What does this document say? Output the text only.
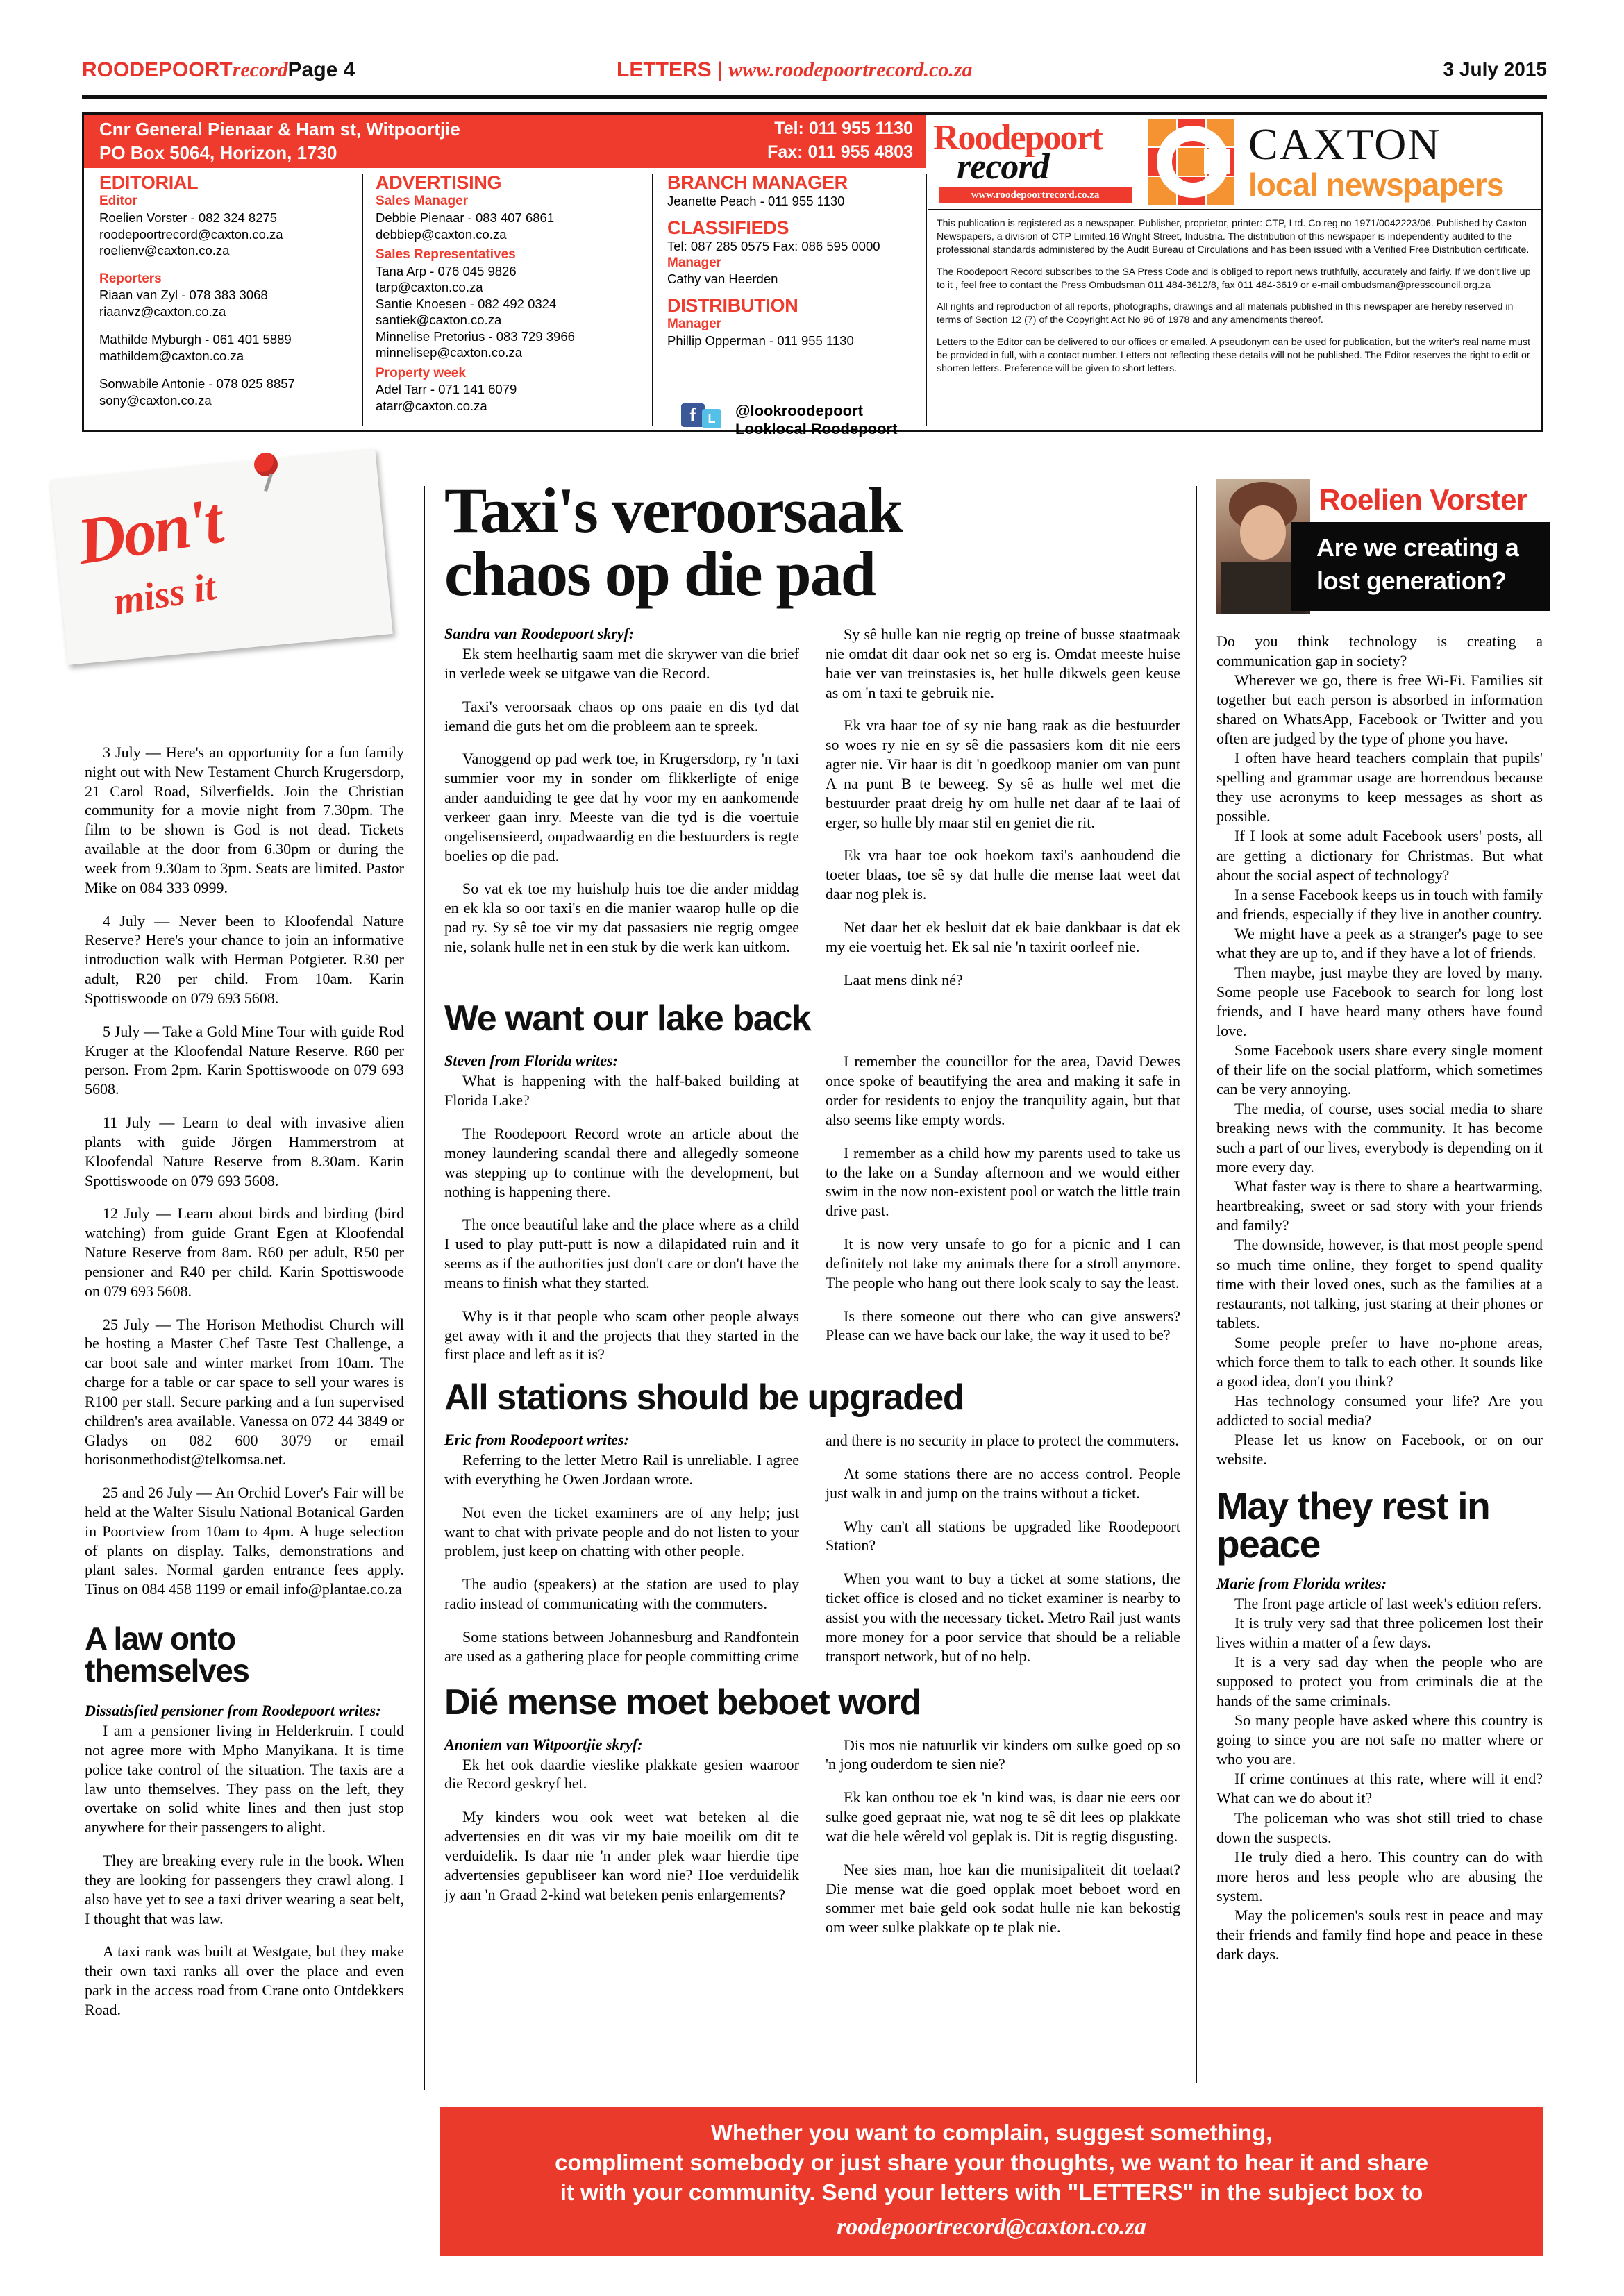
ROODEPOORTrecordPage 4	LETTERS | www.roodepoortrecord.co.za	3 July 2015
Cnr General Pienaar & Ham st, Witpoortjie
PO Box 5064, Horizon, 1730
Tel: 011 955 1130
Fax: 011 955 4803
EDITORIAL
Editor
Roelien Vorster - 082 324 8275
roodepoortrecord@caxton.co.za
roelienv@caxton.co.za
Reporters
Riaan van Zyl - 078 383 3068
riaanvz@caxton.co.za
Mathilde Myburgh - 061 401 5889
mathildem@caxton.co.za
Sonwabile Antonie - 078 025 8857
sony@caxton.co.za
ADVERTISING
Sales Manager
Debbie Pienaar - 083 407 6861
debbiep@caxton.co.za
Sales Representatives
Tana Arp - 076 045 9826
tarp@caxton.co.za
Santie Knoesen - 082 492 0324
santiek@caxton.co.za
Minnelise Pretorius - 083 729 3966
minnelisep@caxton.co.za
Property week
Adel Tarr - 071 141 6079
atarr@caxton.co.za
BRANCH MANAGER
Jeanette Peach - 011 955 1130
CLASSIFIEDS
Tel: 087 285 0575 Fax: 086 595 0000
Manager
Cathy van Heerden
DISTRIBUTION
Manager
Phillip Opperman - 011 955 1130
f L	@lookroodepoort
Looklocal Roodepoort
Roodepoort
record
www.roodepoortrecord.co.za
CAXTON
local newspapers

This publication is registered as a newspaper. Publisher, proprietor, printer: CTP, Ltd. Co reg no 1971/0042223/06. Published by Caxton Newspapers, a division of CTP Limited,16 Wright Street, Industria. The distribution of this newspaper is independently audited to the professional standards administered by the Audit Bureau of Circulations and has been issued with a Verified Free Distribution certificate.

The Roodepoort Record subscribes to the SA Press Code and is obliged to report news truthfully, accurately and fairly. If we don't live up to it , feel free to contact the Press Ombudsman 011 484-3612/8, fax 011 484-3619 or e-mail ombudsman@presscouncil.org.za

All rights and reproduction of all reports, photographs, drawings and all materials published in this newspaper are hereby reserved in terms of Section 12 (7) of the Copyright Act No 96 of 1978 and any amendments thereof.

Letters to the Editor can be delivered to our offices or emailed. A pseudonym can be used for publication, but the writer's real name must be provided in full, with a contact number. Letters not reflecting these details will not be published. The Editor reserves the right to edit or shorten letters. Preference will be given to short letters.

Don't
miss it

3 July — Here's an opportunity for a fun family night out with New Testament Church Krugersdorp, 21 Carol Road, Silverfields. Join the Christian community for a movie night from 7.30pm. The film to be shown is God is not dead. Tickets available at the door from 6.30pm or during the week from 9.30am to 3pm. Seats are limited. Pastor Mike on 084 333 0999.

4 July — Never been to Kloofendal Nature Reserve? Here's your chance to join an informative introduction walk with Herman Potgieter. R30 per adult, R20 per child. From 10am. Karin Spottiswoode on 079 693 5608.

5 July — Take a Gold Mine Tour with guide Rod Kruger at the Kloofendal Nature Reserve. R60 per person. From 2pm. Karin Spottiswoode on 079 693 5608.

11 July — Learn to deal with invasive alien plants with guide Jörgen Hammerstrom at Kloofendal Nature Reserve from 8.30am. Karin Spottiswoode on 079 693 5608.

12 July — Learn about birds and birding (bird watching) from guide Grant Egen at Kloofendal Nature Reserve from 8am. R60 per adult, R50 per pensioner and R40 per child. Karin Spottiswoode on 079 693 5608.

25 July — The Horison Methodist Church will be hosting a Master Chef Taste Test Challenge, a car boot sale and winter market from 10am. The charge for a table or car space to sell your wares is R100 per stall. Secure parking and a fun supervised children's area available. Vanessa on 072 44 3849 or Gladys on 082 600 3079 or email horisonmethodist@telkomsa.net.

25 and 26 July — An Orchid Lover's Fair will be held at the Walter Sisulu National Botanical Garden in Poortview from 10am to 4pm. A huge selection of plants on display. Talks, demonstrations and plant sales. Normal garden entrance fees apply. Tinus on 084 458 1199 or email info@plantae.co.za

A law onto themselves

Dissatisfied pensioner from Roodepoort writes:

I am a pensioner living in Helderkruin. I could not agree more with Mpho Manyikana. It is time police take control of the situation. The taxis are a law unto themselves. They pass on the left, they overtake on solid white lines and then just stop anywhere for their passengers to alight.

They are breaking every rule in the book. When they are looking for passengers they crawl along. I also have yet to see a taxi driver wearing a seat belt, I thought that was law.

A taxi rank was built at Westgate, but they make their own taxi ranks all over the place and even park in the access road from Crane onto Ontdekkers Road.

Taxi's veroorsaak
chaos op die pad

Sandra van Roodepoort skryf:

Ek stem heelhartig saam met die skrywer van die brief in verlede week se uitgawe van die Record.

Taxi's veroorsaak chaos op ons paaie en dis tyd dat iemand die guts het om die probleem aan te spreek.

Vanoggend op pad werk toe, in Krugersdorp, ry 'n taxi summier voor my in sonder om flikkerligte of enige ander aanduiding te gee dat hy voor my en aankomende verkeer gaan inry. Meeste van die tyd is die voertuie ongelisensieerd, onpadwaardig en die bestuurders is regte boelies op die pad.

So vat ek toe my huishulp huis toe die ander middag en ek kla so oor taxi's en die manier waarop hulle op die pad ry. Sy sê toe vir my dat passasiers nie regtig omgee nie, solank hulle net in een stuk by die werk kan uitkom.

Sy sê hulle kan nie regtig op treine of busse staatmaak nie omdat dit daar ook net so erg is. Omdat meeste huise baie ver van treinstasies is, het hulle dikwels geen keuse as om 'n taxi te gebruik nie.

Ek vra haar toe of sy nie bang raak as die bestuurder so woes ry nie en sy sê die passasiers kom dit nie eers agter nie. Vir haar is dit 'n goedkoop manier om van punt A na punt B te beweeg. Sy sê as hulle wel met die bestuurder praat dreig hy om hulle net daar af te laai of erger, so hulle bly maar stil en geniet die rit.

Ek vra haar toe ook hoekom taxi's aanhoudend die toeter blaas, toe sê sy dat hulle die mense laat weet dat daar nog plek is.

Net daar het ek besluit dat ek baie dankbaar is dat ek my eie voertuig het. Ek sal nie 'n taxirit oorleef nie.

Laat mens dink né?

We want our lake back

Steven from Florida writes:

What is happening with the half-baked building at Florida Lake?

The Roodepoort Record wrote an article about the money laundering scandal there and allegedly someone was stepping up to continue with the development, but nothing is happening there.

The once beautiful lake and the place where as a child I used to play putt-putt is now a dilapidated ruin and it seems as if the authorities just don't care or don't have the means to finish what they started.

Why is it that people who scam other people always get away with it and the projects that they started in the first place and left as it is?

I remember the councillor for the area, David Dewes once spoke of beautifying the area and making it safe in order for residents to enjoy the tranquility again, but that also seems like empty words.

I remember as a child how my parents used to take us to the lake on a Sunday afternoon and we would either swim in the now non-existent pool or watch the little train drive past.

It is now very unsafe to go for a picnic and I can definitely not take my animals there for a stroll anymore. The people who hang out there look scaly to say the least.

Is there someone out there who can give answers? Please can we have back our lake, the way it used to be?

All stations should be upgraded

Eric from Roodepoort writes:

Referring to the letter Metro Rail is unreliable. I agree with everything he Owen Jordaan wrote.

Not even the ticket examiners are of any help; just want to chat with private people and do not listen to your problem, just keep on chatting with other people.

The audio (speakers) at the station are used to play radio instead of communicating with the commuters.

Some stations between Johannesburg and Randfontein are used as a gathering place for people committing crime and there is no security in place to protect the commuters.

At some stations there are no access control. People just walk in and jump on the trains without a ticket.

Why can't all stations be upgraded like Roodepoort Station?

When you want to buy a ticket at some stations, the ticket office is closed and no ticket examiner is nearby to assist you with the necessary ticket. Metro Rail just wants more money for a poor service that should be a reliable transport network, but of no help.

Dié mense moet beboet word

Anoniem van Witpoortjie skryf:

Ek het ook daardie vieslike plakkate gesien waaroor die Record geskryf het.

My kinders wou ook weet wat beteken al die advertensies en dit was vir my baie moeilik om dit te verduidelik. Is daar nie 'n ander plek waar hierdie tipe advertensies gepubliseer kan word nie? Hoe verduidelik jy aan 'n Graad 2-kind wat beteken penis enlargements?

Dis mos nie natuurlik vir kinders om sulke goed op so 'n jong ouderdom te sien nie?

Ek kan onthou toe ek 'n kind was, is daar nie eers oor sulke goed gepraat nie, wat nog te sê dit lees op plakkate wat die hele wêreld vol geplak is. Dit is regtig disgusting.

Nee sies man, hoe kan die munisipaliteit dit toelaat? Die mense wat die goed opplak moet beboet word en sommer met baie geld ook sodat hulle nie kan bekostig om weer sulke plakkate op te plak nie.

Roelien Vorster
Are we creating a
lost generation?

Do you think technology is creating a communication gap in society?

Wherever we go, there is free Wi-Fi. Families sit together but each person is absorbed in information shared on WhatsApp, Facebook or Twitter and you often are judged by the type of phone you have.

I often have heard teachers complain that pupils' spelling and grammar usage are horrendous because they use acronyms to keep messages as short as possible.

If I look at some adult Facebook users' posts, all are getting a dictionary for Christmas. But what about the social aspect of technology?

In a sense Facebook keeps us in touch with family and friends, especially if they live in another country.

We might have a peek as a stranger's page to see what they are up to, and if they have a lot of friends.

Then maybe, just maybe they are loved by many. Some people use Facebook to search for long lost friends, and I have heard many others have found love.

Some Facebook users share every single moment of their life on the social platform, which sometimes can be very annoying.

The media, of course, uses social media to share breaking news with the community. It has become such a part of our lives, everybody is depending on it more every day.

What faster way is there to share a heartwarming, heartbreaking, sweet or sad story with your friends and family?

The downside, however, is that most people spend so much time online, they forget to spend quality time with their loved ones, such as the families at a restaurants, not talking, just staring at their phones or tablets.

Some people prefer to have no-phone areas, which force them to talk to each other. It sounds like a good idea, don't you think?

Has technology consumed your life? Are you addicted to social media?

Please let us know on Facebook, or on our website.

May they rest in
peace

Marie from Florida writes:

The front page article of last week's edition refers.

It is truly very sad that three policemen lost their lives within a matter of a few days.

It is a very sad day when the people who are supposed to protect you from criminals die at the hands of the same criminals.

So many people have asked where this country is going to since you are not safe no matter where or who you are.

If crime continues at this rate, where will it end? What can we do about it?

The policeman who was shot still tried to chase down the suspects.

He truly died a hero. This country can do with more heros and less people who are abusing the system.

May the policemen's souls rest in peace and may their friends and family find hope and peace in these dark days.

Whether you want to complain, suggest something,
compliment somebody or just share your thoughts, we want to hear it and share
it with your community. Send your letters with "LETTERS" in the subject box to
roodepoortrecord@caxton.co.za
